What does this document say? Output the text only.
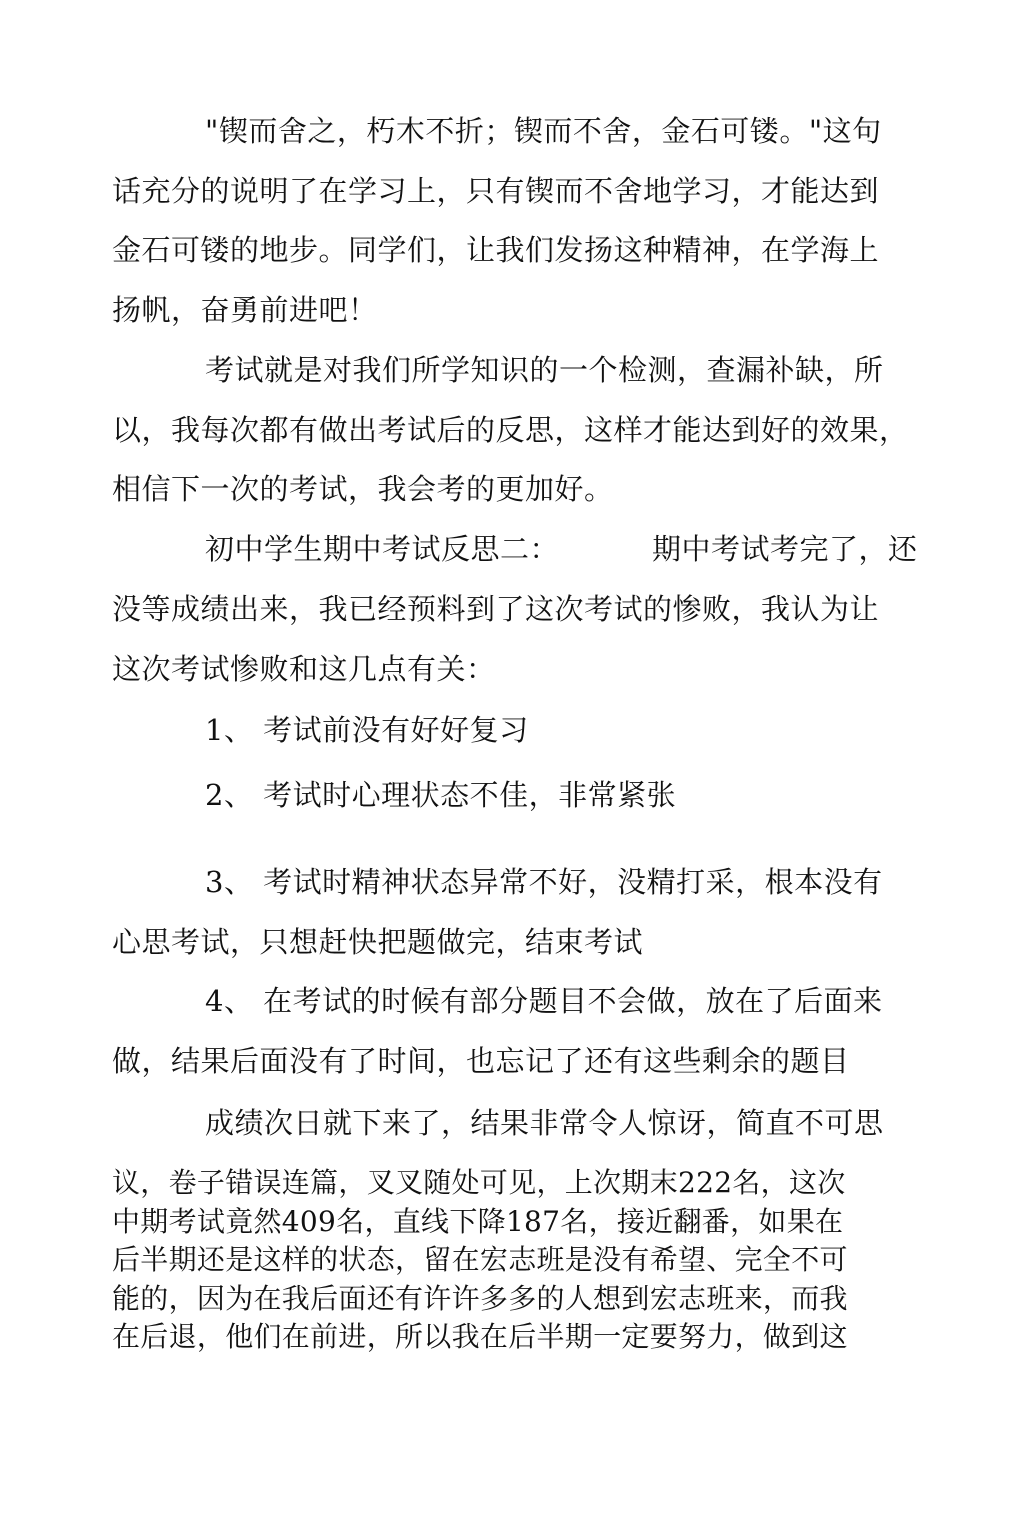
"锲而舍之，朽木不折；锲而不舍，金石可镂。"这句
话充分的说明了在学习上，只有锲而不舍地学习，才能达到
金石可镂的地步。同学们，让我们发扬这种精神，在学海上
扬帆，奋勇前进吧！
考试就是对我们所学知识的一个检测，查漏补缺，所
以，我每次都有做出考试后的反思，这样才能达到好的效果，
相信下一次的考试，我会考的更加好。
初中学生期中考试反思二：	期中考试考完了，还
没等成绩出来，我已经预料到了这次考试的惨败，我认为让
这次考试惨败和这几点有关：
1、 考试前没有好好复习
2、 考试时心理状态不佳，非常紧张
3、 考试时精神状态异常不好，没精打采，根本没有
心思考试，只想赶快把题做完，结束考试
4、 在考试的时候有部分题目不会做，放在了后面来
做，结果后面没有了时间，也忘记了还有这些剩余的题目
成绩次日就下来了，结果非常令人惊讶，简直不可思
议，卷子错误连篇，叉叉随处可见，上次期末222名，这次
中期考试竟然409名，直线下降187名，接近翻番，如果在
后半期还是这样的状态，留在宏志班是没有希望、完全不可
能的，因为在我后面还有许许多多的人想到宏志班来，而我
在后退，他们在前进，所以我在后半期一定要努力，做到这
